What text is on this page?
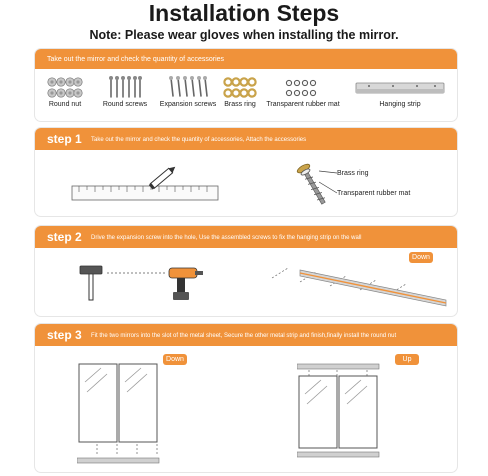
Installation Steps
Note: Please wear gloves when installing the mirror.
Take out the mirror and check the quantity of accessories
Round nut	Round screws	Expansion screws	Brass ring	Transparent rubber mat	Hanging strip
step 1 Take out the mirror and check the quantity of accessories, Attach the accessories
Brass ring
Transparent rubber mat
step 2 Drive the expansion screw into the hole, Use the assembled screws to fix the hanging strip on the wall
Down
step 3 Fit the two mirrors into the slot of the metal sheet, Secure the other metal strip and finish,finally install the round nut
Down	Up
